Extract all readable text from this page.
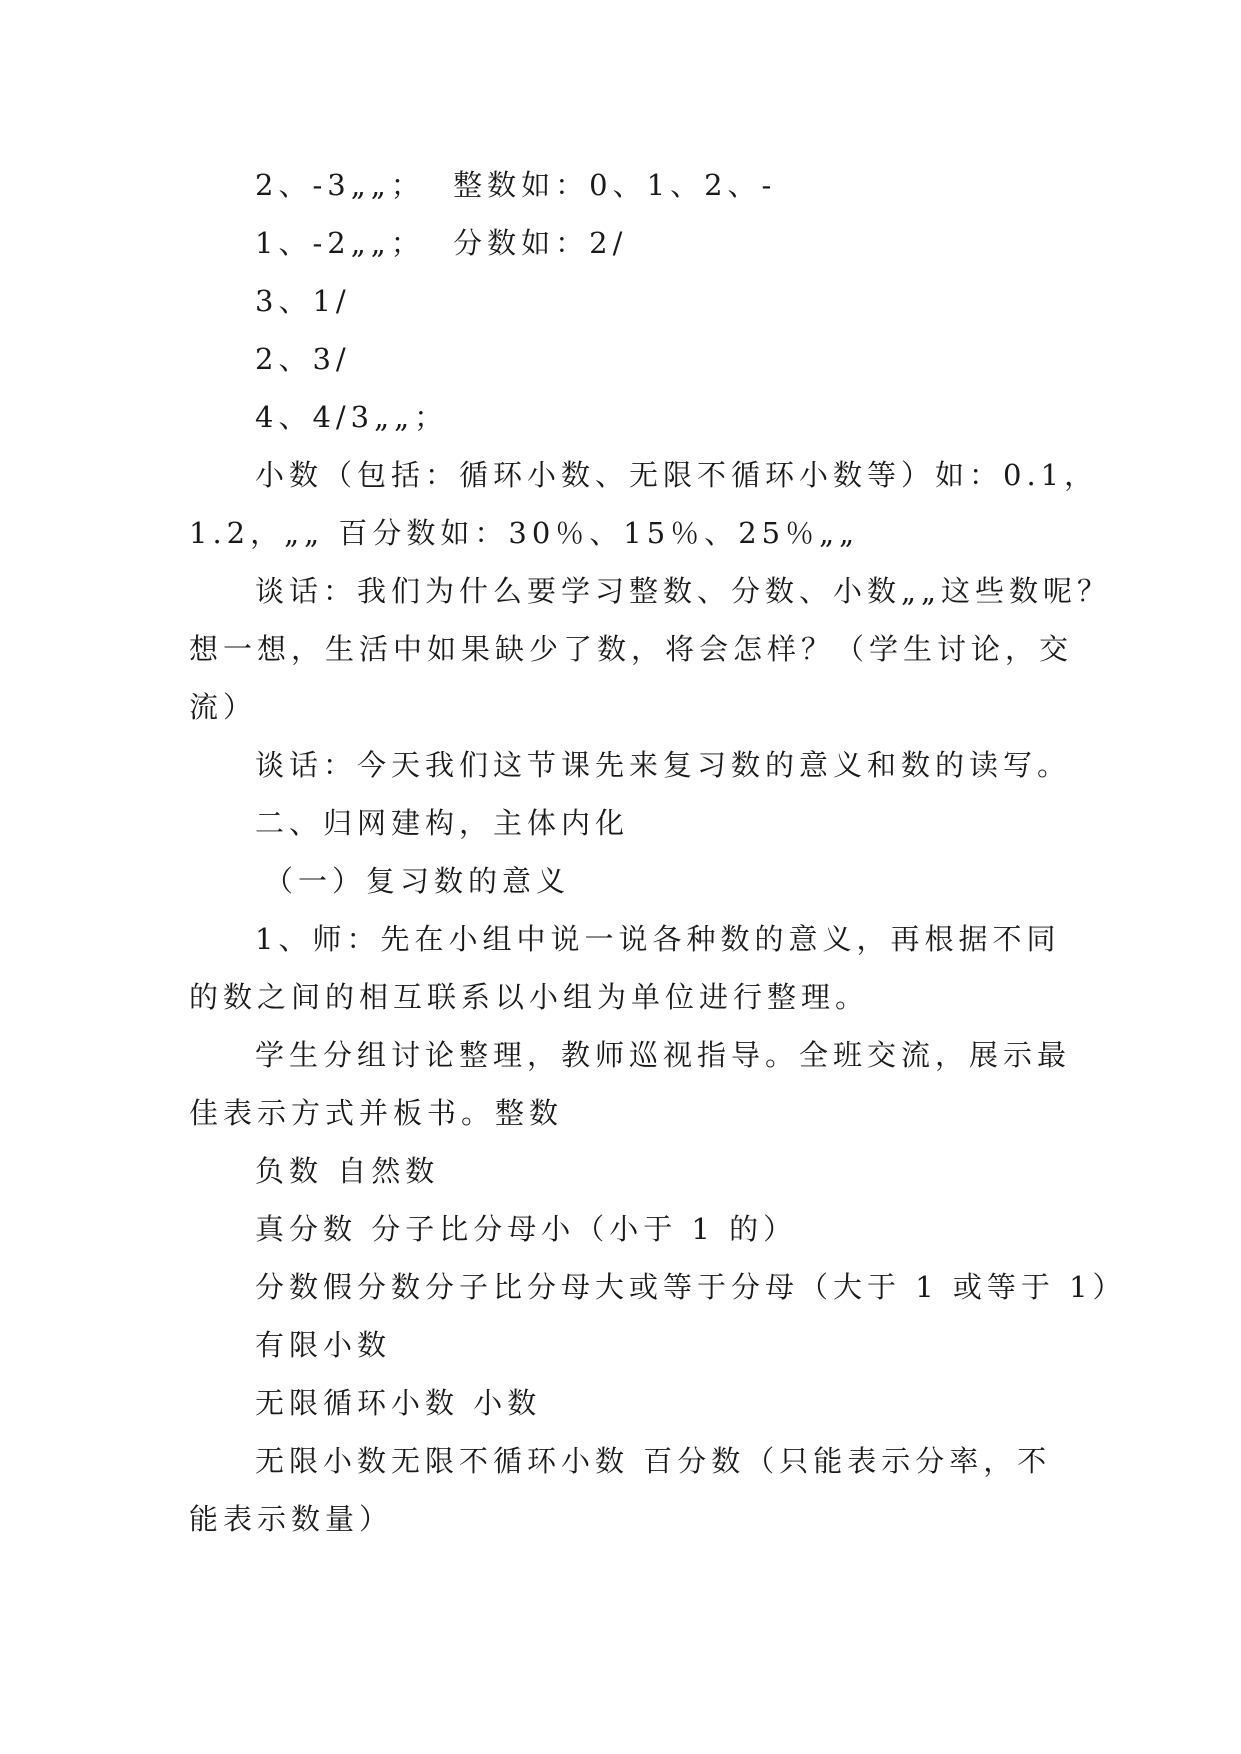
2、-3„„；  整数如：0、1、2、-
1、-2„„；  分数如：2/
3、1/
2、3/
4、4/3„„；
小数（包括：循环小数、无限不循环小数等）如：0.1，
1.2，„„ 百分数如：30％、15％、25％„„
谈话：我们为什么要学习整数、分数、小数„„这些数呢？
想一想，生活中如果缺少了数，将会怎样？（学生讨论，交
流）
谈话：今天我们这节课先来复习数的意义和数的读写。
二、归网建构，主体内化
（一）复习数的意义
1、师：先在小组中说一说各种数的意义，再根据不同
的数之间的相互联系以小组为单位进行整理。
学生分组讨论整理，教师巡视指导。全班交流，展示最
佳表示方式并板书。整数
负数 自然数
真分数 分子比分母小（小于 1 的）
分数假分数分子比分母大或等于分母（大于 1 或等于 1）
有限小数
无限循环小数 小数
无限小数无限不循环小数 百分数（只能表示分率，不
能表示数量）
